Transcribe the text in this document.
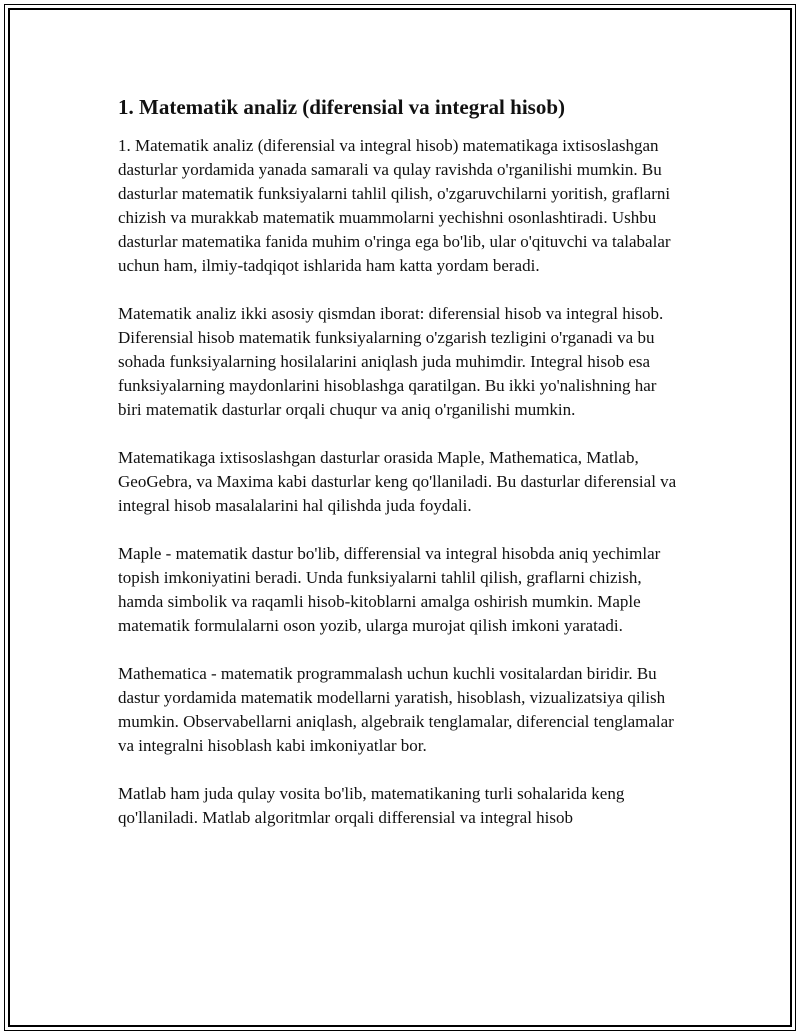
1. Matematik analiz (diferensial va integral hisob)

1. Matematik analiz (diferensial va integral hisob) matematikaga ixtisoslashgan dasturlar yordamida yanada samarali va qulay ravishda o'rganilishi mumkin. Bu dasturlar matematik funksiyalarni tahlil qilish, o'zgaruvchilarni yoritish, graflarni chizish va murakkab matematik muammolarni yechishni osonlashtiradi. Ushbu dasturlar matematika fanida muhim o'ringa ega bo'lib, ular o'qituvchi va talabalar uchun ham, ilmiy-tadqiqot ishlarida ham katta yordam beradi.

Matematik analiz ikki asosiy qismdan iborat: diferensial hisob va integral hisob. Diferensial hisob matematik funksiyalarning o'zgarish tezligini o'rganadi va bu sohada funksiyalarning hosilalarini aniqlash juda muhimdir. Integral hisob esa funksiyalarning maydonlarini hisoblashga qaratilgan. Bu ikki yo'nalishning har biri matematik dasturlar orqali chuqur va aniq o'rganilishi mumkin.

Matematikaga ixtisoslashgan dasturlar orasida Maple, Mathematica, Matlab, GeoGebra, va Maxima kabi dasturlar keng qo'llaniladi. Bu dasturlar diferensial va integral hisob masalalarini hal qilishda juda foydali.

Maple - matematik dastur bo'lib, differensial va integral hisobda aniq yechimlar topish imkoniyatini beradi. Unda funksiyalarni tahlil qilish, graflarni chizish, hamda simbolik va raqamli hisob-kitoblarni amalga oshirish mumkin. Maple matematik formulalarni oson yozib, ularga murojat qilish imkoni yaratadi.

Mathematica - matematik programmalash uchun kuchli vositalardan biridir. Bu dastur yordamida matematik modellarni yaratish, hisoblash, vizualizatsiya qilish mumkin. Observabellarni aniqlash, algebraik tenglamalar, diferencial tenglamalar va integralni hisoblash kabi imkoniyatlar bor.

Matlab ham juda qulay vosita bo'lib, matematikaning turli sohalarida keng qo'llaniladi. Matlab algoritmlar orqali differensial va integral hisob
